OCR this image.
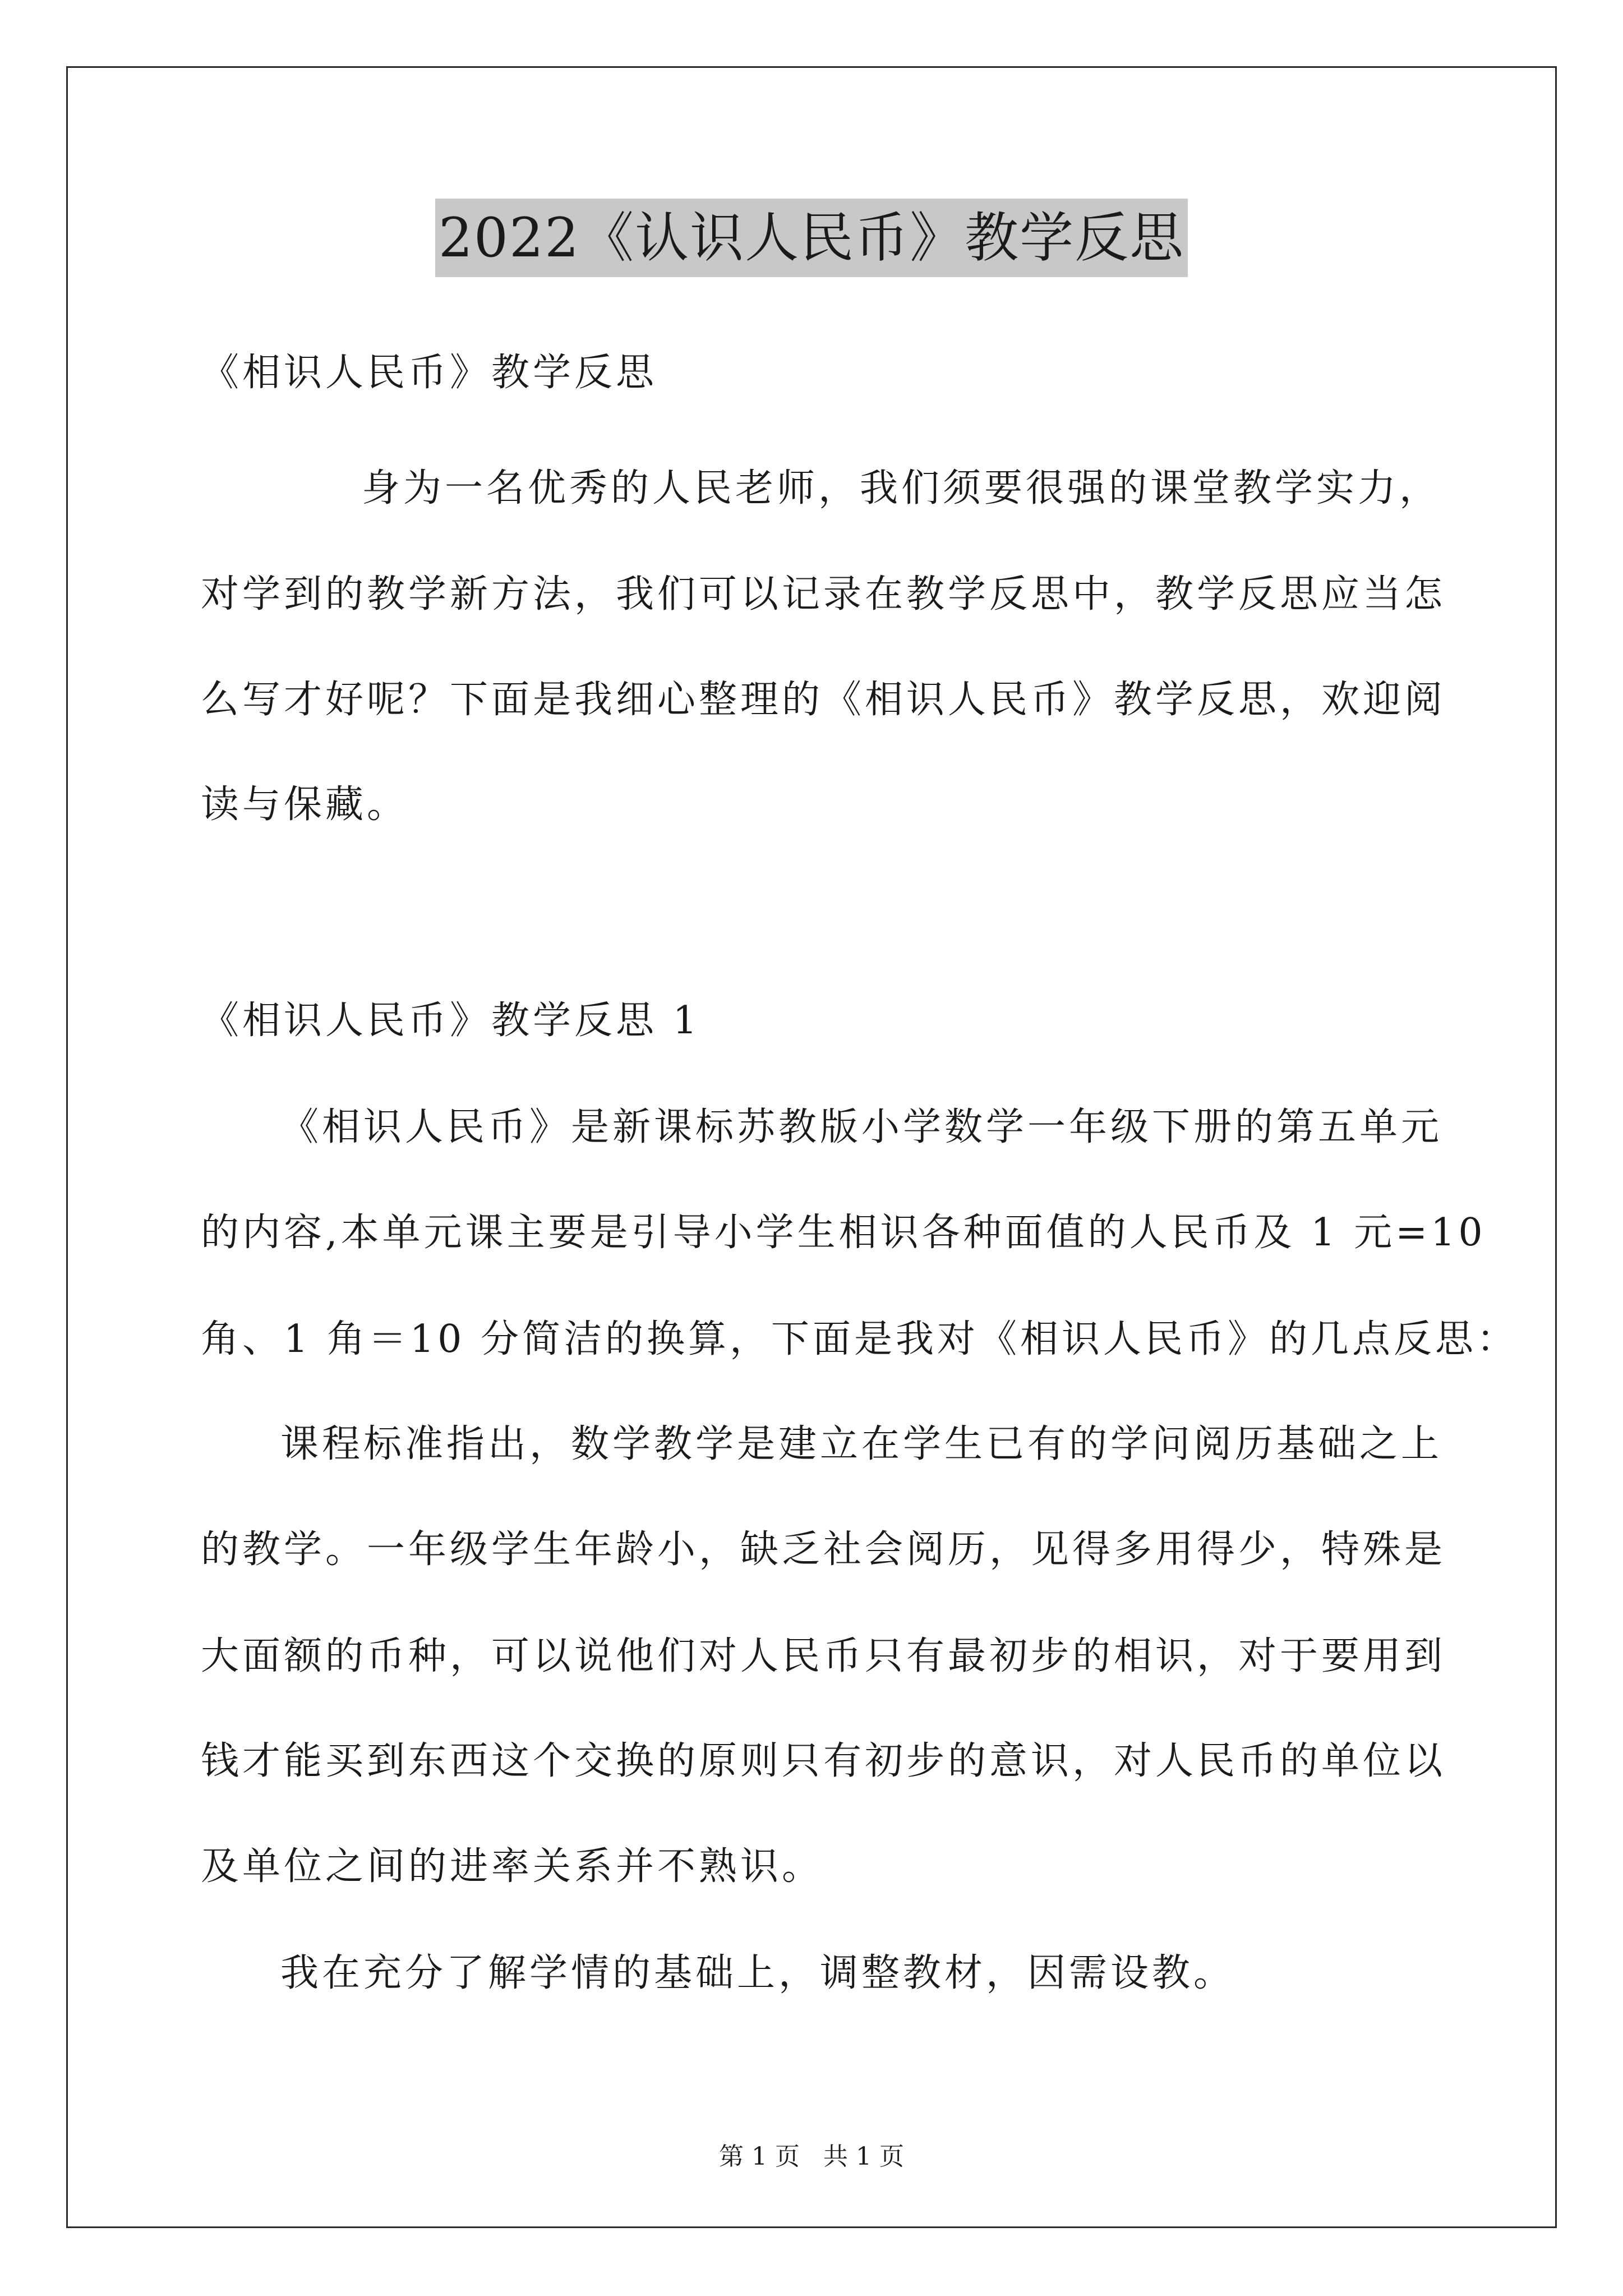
2022《认识人民币》教学反思
《相识人民币》教学反思
身为一名优秀的人民老师，我们须要很强的课堂教学实力，
对学到的教学新方法，我们可以记录在教学反思中，教学反思应当怎
么写才好呢？下面是我细心整理的《相识人民币》教学反思，欢迎阅
读与保藏。
《相识人民币》教学反思 1
《相识人民币》是新课标苏教版小学数学一年级下册的第五单元
的内容,本单元课主要是引导小学生相识各种面值的人民币及 1 元=10
角、1 角＝10 分简洁的换算，下面是我对《相识人民币》的几点反思：
课程标准指出，数学教学是建立在学生已有的学问阅历基础之上
的教学。一年级学生年龄小，缺乏社会阅历，见得多用得少，特殊是
大面额的币种，可以说他们对人民币只有最初步的相识，对于要用到
钱才能买到东西这个交换的原则只有初步的意识，对人民币的单位以
及单位之间的进率关系并不熟识。
我在充分了解学情的基础上，调整教材，因需设教。
第 1 页 共 1 页
